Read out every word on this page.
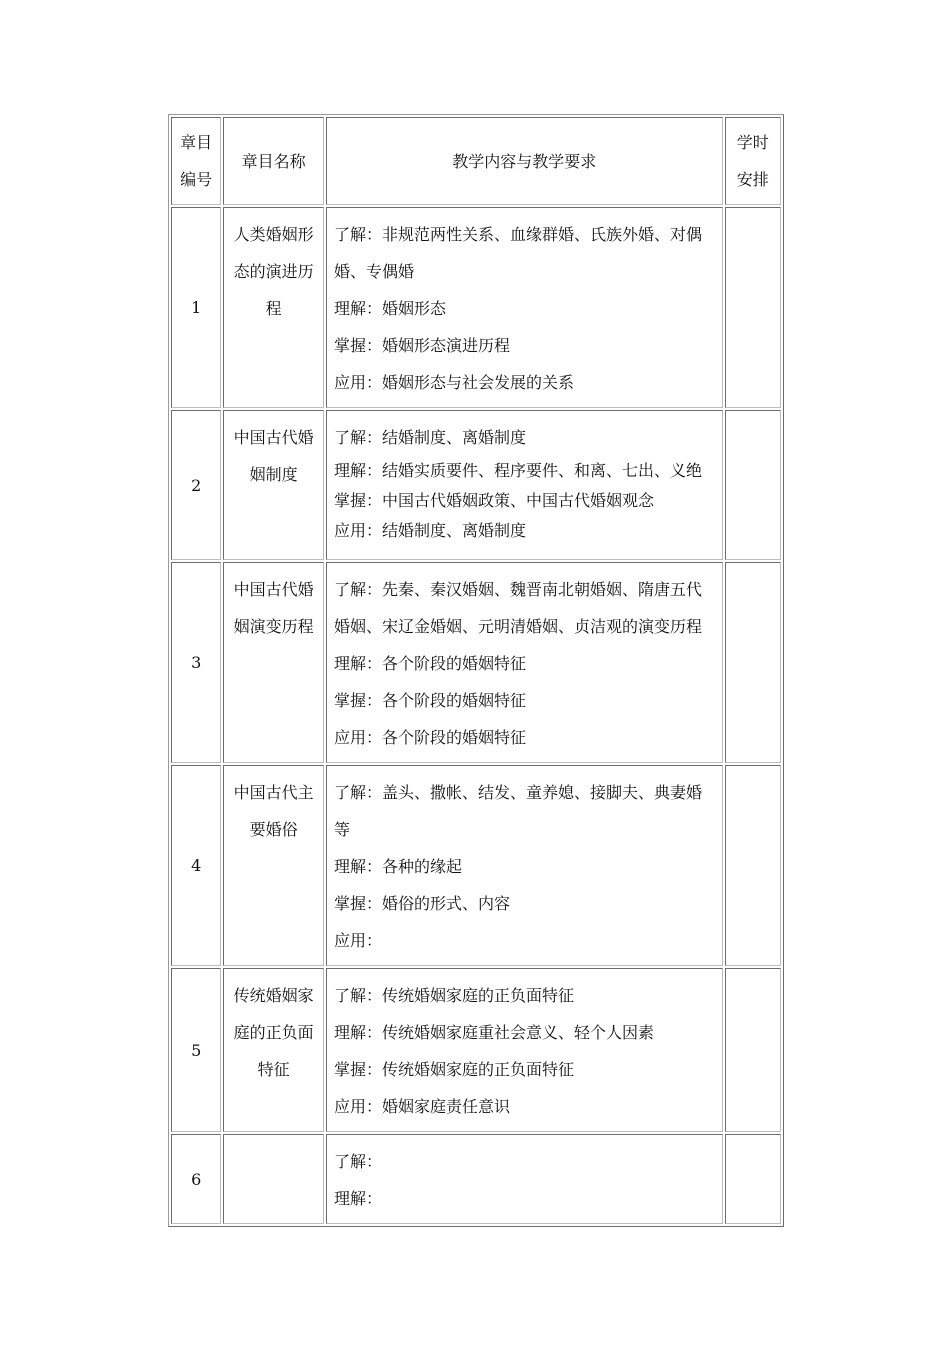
章目
编号	章目名称	教学内容与教学要求	学时
安排

1	人类婚姻形态的演进历程	了解：非规范两性关系、血缘群婚、氏族外婚、对偶婚、专偶婚
理解：婚姻形态
掌握：婚姻形态演进历程
应用：婚姻形态与社会发展的关系	

2	中国古代婚姻制度	了解：结婚制度、离婚制度
理解：结婚实质要件、程序要件、和离、七出、义绝
掌握：中国古代婚姻政策、中国古代婚姻观念
应用：结婚制度、离婚制度	

3	中国古代婚姻演变历程	了解：先秦、秦汉婚姻、魏晋南北朝婚姻、隋唐五代婚姻、宋辽金婚姻、元明清婚姻、贞洁观的演变历程
理解：各个阶段的婚姻特征
掌握：各个阶段的婚姻特征
应用：各个阶段的婚姻特征	

4	中国古代主要婚俗	了解：盖头、撒帐、结发、童养媳、接脚夫、典妻婚等
理解：各种的缘起
掌握：婚俗的形式、内容
应用：	

5	传统婚姻家庭的正负面特征	了解：传统婚姻家庭的正负面特征
理解：传统婚姻家庭重社会意义、轻个人因素
掌握：传统婚姻家庭的正负面特征
应用：婚姻家庭责任意识	

6		了解：
理解：	
